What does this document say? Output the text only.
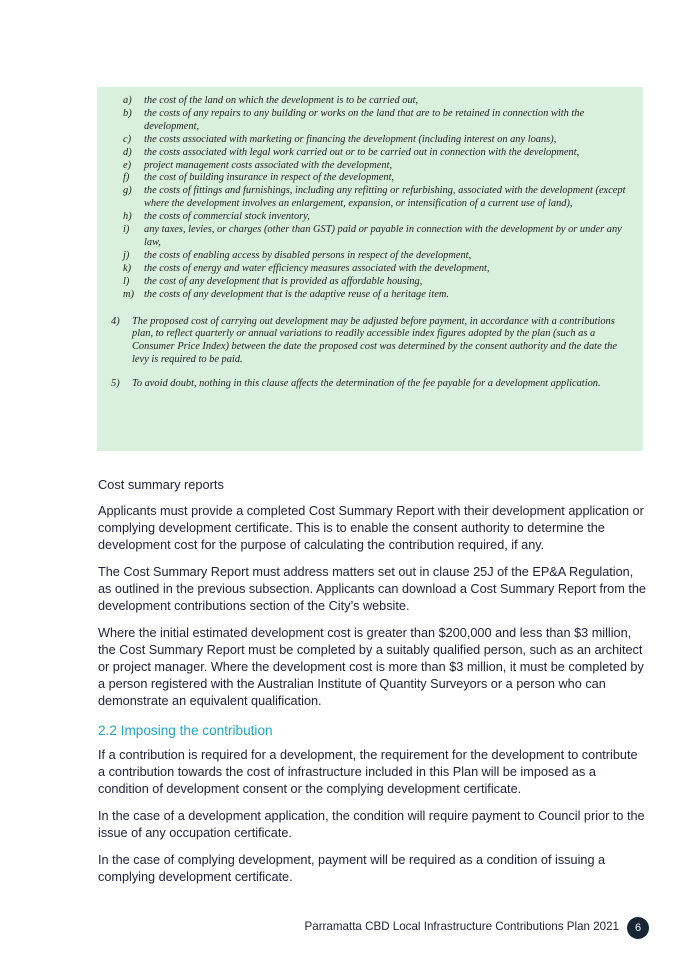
a)	the cost of the land on which the development is to be carried out,
b)	the costs of any repairs to any building or works on the land that are to be retained in connection with the development,
c)	the costs associated with marketing or financing the development (including interest on any loans),
d)	the costs associated with legal work carried out or to be carried out in connection with the development,
e)	project management costs associated with the development,
f)	the cost of building insurance in respect of the development,
g)	the costs of fittings and furnishings, including any refitting or refurbishing, associated with the development (except where the development involves an enlargement, expansion, or intensification of a current use of land),
h)	the costs of commercial stock inventory,
i)	any taxes, levies, or charges (other than GST) paid or payable in connection with the development by or under any law,
j)	the costs of enabling access by disabled persons in respect of the development,
k)	the costs of energy and water efficiency measures associated with the development,
l)	the cost of any development that is provided as affordable housing,
m) the costs of any development that is the adaptive reuse of a heritage item.
4)	The proposed cost of carrying out development may be adjusted before payment, in accordance with a contributions plan, to reflect quarterly or annual variations to readily accessible index figures adopted by the plan (such as a Consumer Price Index) between the date the proposed cost was determined by the consent authority and the date the levy is required to be paid.
5)	To avoid doubt, nothing in this clause affects the determination of the fee payable for a development application.
Cost summary reports

Applicants must provide a completed Cost Summary Report with their development application or complying development certificate. This is to enable the consent authority to determine the development cost for the purpose of calculating the contribution required, if any.

The Cost Summary Report must address matters set out in clause 25J of the EP&A Regulation, as outlined in the previous subsection. Applicants can download a Cost Summary Report from the development contributions section of the City’s website.

Where the initial estimated development cost is greater than $200,000 and less than $3 million, the Cost Summary Report must be completed by a suitably qualified person, such as an architect or project manager. Where the development cost is more than $3 million, it must be completed by a person registered with the Australian Institute of Quantity Surveyors or a person who can demonstrate an equivalent qualification.

2.2 Imposing the contribution

If a contribution is required for a development, the requirement for the development to contribute a contribution towards the cost of infrastructure included in this Plan will be imposed as a condition of development consent or the complying development certificate.

In the case of a development application, the condition will require payment to Council prior to the issue of any occupation certificate.

In the case of complying development, payment will be required as a condition of issuing a complying development certificate.

Parramatta CBD Local Infrastructure Contributions Plan 2021	6
